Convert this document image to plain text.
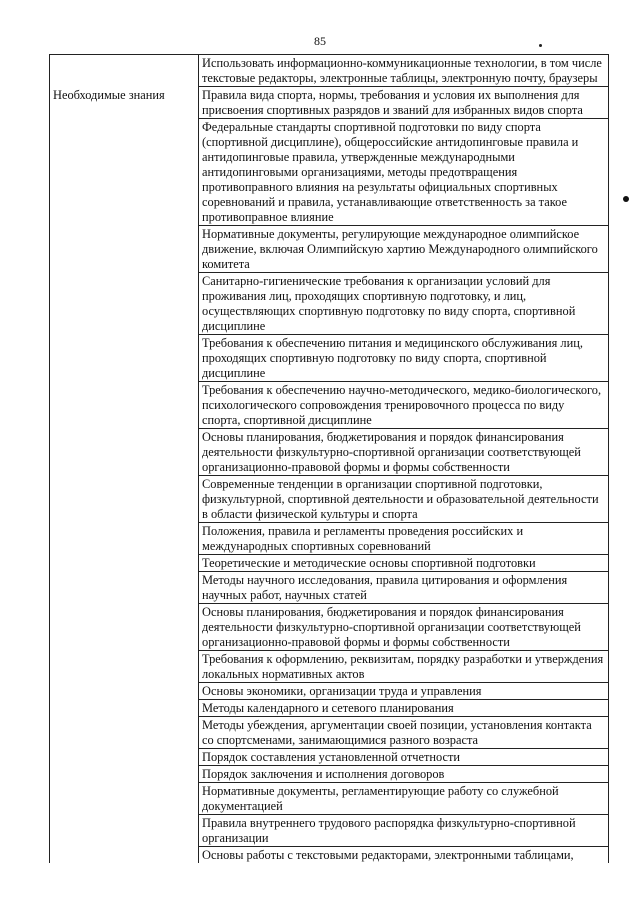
85
	Использовать информационно-коммуникационные технологии, в том числе текстовые редакторы, электронные таблицы, электронную почту, браузеры
Необходимые знания	Правила вида спорта, нормы, требования и условия их выполнения для присвоения спортивных разрядов и званий для избранных видов спорта
	Федеральные стандарты спортивной подготовки по виду спорта (спортивной дисциплине), общероссийские антидопинговые правила и антидопинговые правила, утвержденные международными антидопинговыми организациями, методы предотвращения противоправного влияния на результаты официальных спортивных соревнований и правила, устанавливающие ответственность за такое противоправное влияние
	Нормативные документы, регулирующие международное олимпийское движение, включая Олимпийскую хартию Международного олимпийского комитета
	Санитарно-гигиенические требования к организации условий для проживания лиц, проходящих спортивную подготовку, и лиц, осуществляющих спортивную подготовку по виду спорта, спортивной дисциплине
	Требования к обеспечению питания и медицинского обслуживания лиц, проходящих спортивную подготовку по виду спорта, спортивной дисциплине
	Требования к обеспечению научно-методического, медико-биологического, психологического сопровождения тренировочного процесса по виду спорта, спортивной дисциплине
	Основы планирования, бюджетирования и порядок финансирования деятельности физкультурно-спортивной организации соответствующей организационно-правовой формы и формы собственности
	Современные тенденции в организации спортивной подготовки, физкультурной, спортивной деятельности и образовательной деятельности в области физической культуры и спорта
	Положения, правила и регламенты проведения российских и международных спортивных соревнований
	Теоретические и методические основы спортивной подготовки
	Методы научного исследования, правила цитирования и оформления научных работ, научных статей
	Основы планирования, бюджетирования и порядок финансирования деятельности физкультурно-спортивной организации соответствующей организационно-правовой формы и формы собственности
	Требования к оформлению, реквизитам, порядку разработки и утверждения локальных нормативных актов
	Основы экономики, организации труда и управления
	Методы календарного и сетевого планирования
	Методы убеждения, аргументации своей позиции, установления контакта со спортсменами, занимающимися разного возраста
	Порядок составления установленной отчетности
	Порядок заключения и исполнения договоров
	Нормативные документы, регламентирующие работу со служебной документацией
	Правила внутреннего трудового распорядка физкультурно-спортивной организации
	Основы работы с текстовыми редакторами, электронными таблицами,
